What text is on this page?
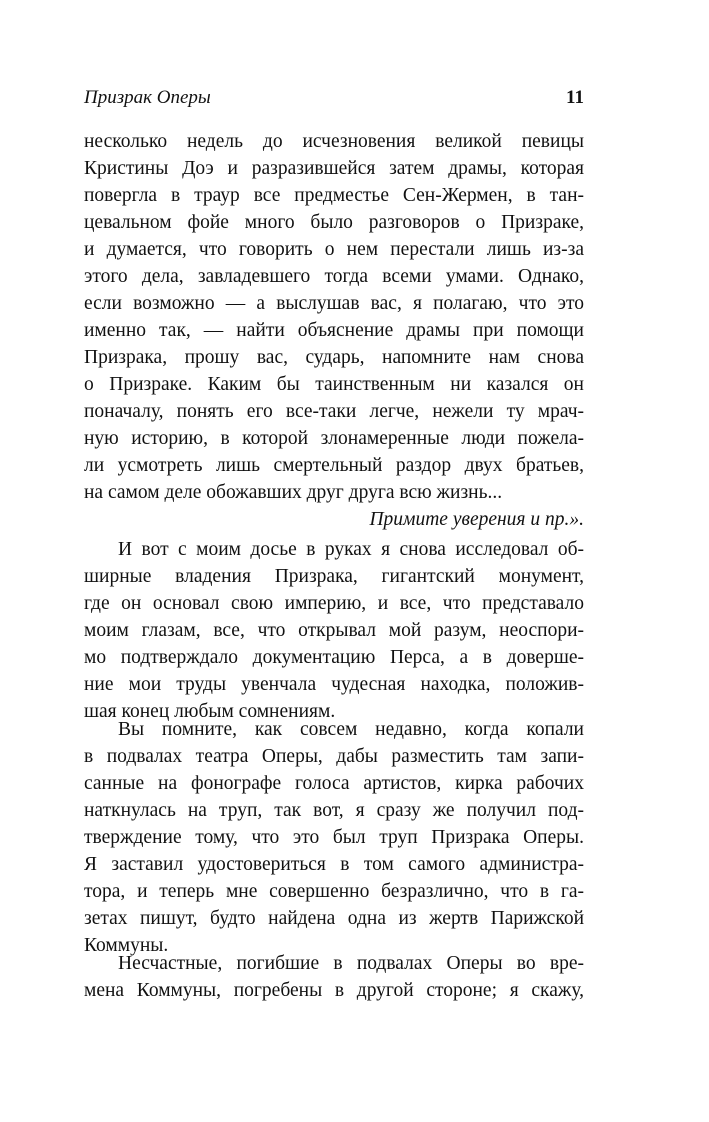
Призрак Оперы	11
несколько недель до исчезновения великой певицы
Кристины Доэ и разразившейся затем драмы, которая
повергла в траур все предместье Сен-Жермен, в тан-
цевальном фойе много было разговоров о Призраке,
и думается, что говорить о нем перестали лишь из-за
этого дела, завладевшего тогда всеми умами. Однако,
если возможно — а выслушав вас, я полагаю, что это
именно так, — найти объяснение драмы при помощи
Призрака, прошу вас, сударь, напомните нам снова
о Призраке. Каким бы таинственным ни казался он
поначалу, понять его все-таки легче, нежели ту мрач-
ную историю, в которой злонамеренные люди пожела-
ли усмотреть лишь смертельный раздор двух братьев,
на самом деле обожавших друг друга всю жизнь...
Примите уверения и пр.».
И вот с моим досье в руках я снова исследовал об-
ширные владения Призрака, гигантский монумент,
где он основал свою империю, и все, что представало
моим глазам, все, что открывал мой разум, неоспори-
мо подтверждало документацию Перса, а в доверше-
ние мои труды увенчала чудесная находка, положив-
шая конец любым сомнениям.
Вы помните, как совсем недавно, когда копали
в подвалах театра Оперы, дабы разместить там запи-
санные на фонографе голоса артистов, кирка рабочих
наткнулась на труп, так вот, я сразу же получил под-
тверждение тому, что это был труп Призрака Оперы.
Я заставил удостовериться в том самого администра-
тора, и теперь мне совершенно безразлично, что в га-
зетах пишут, будто найдена одна из жертв Парижской
Коммуны.
Несчастные, погибшие в подвалах Оперы во вре-
мена Коммуны, погребены в другой стороне; я скажу,
